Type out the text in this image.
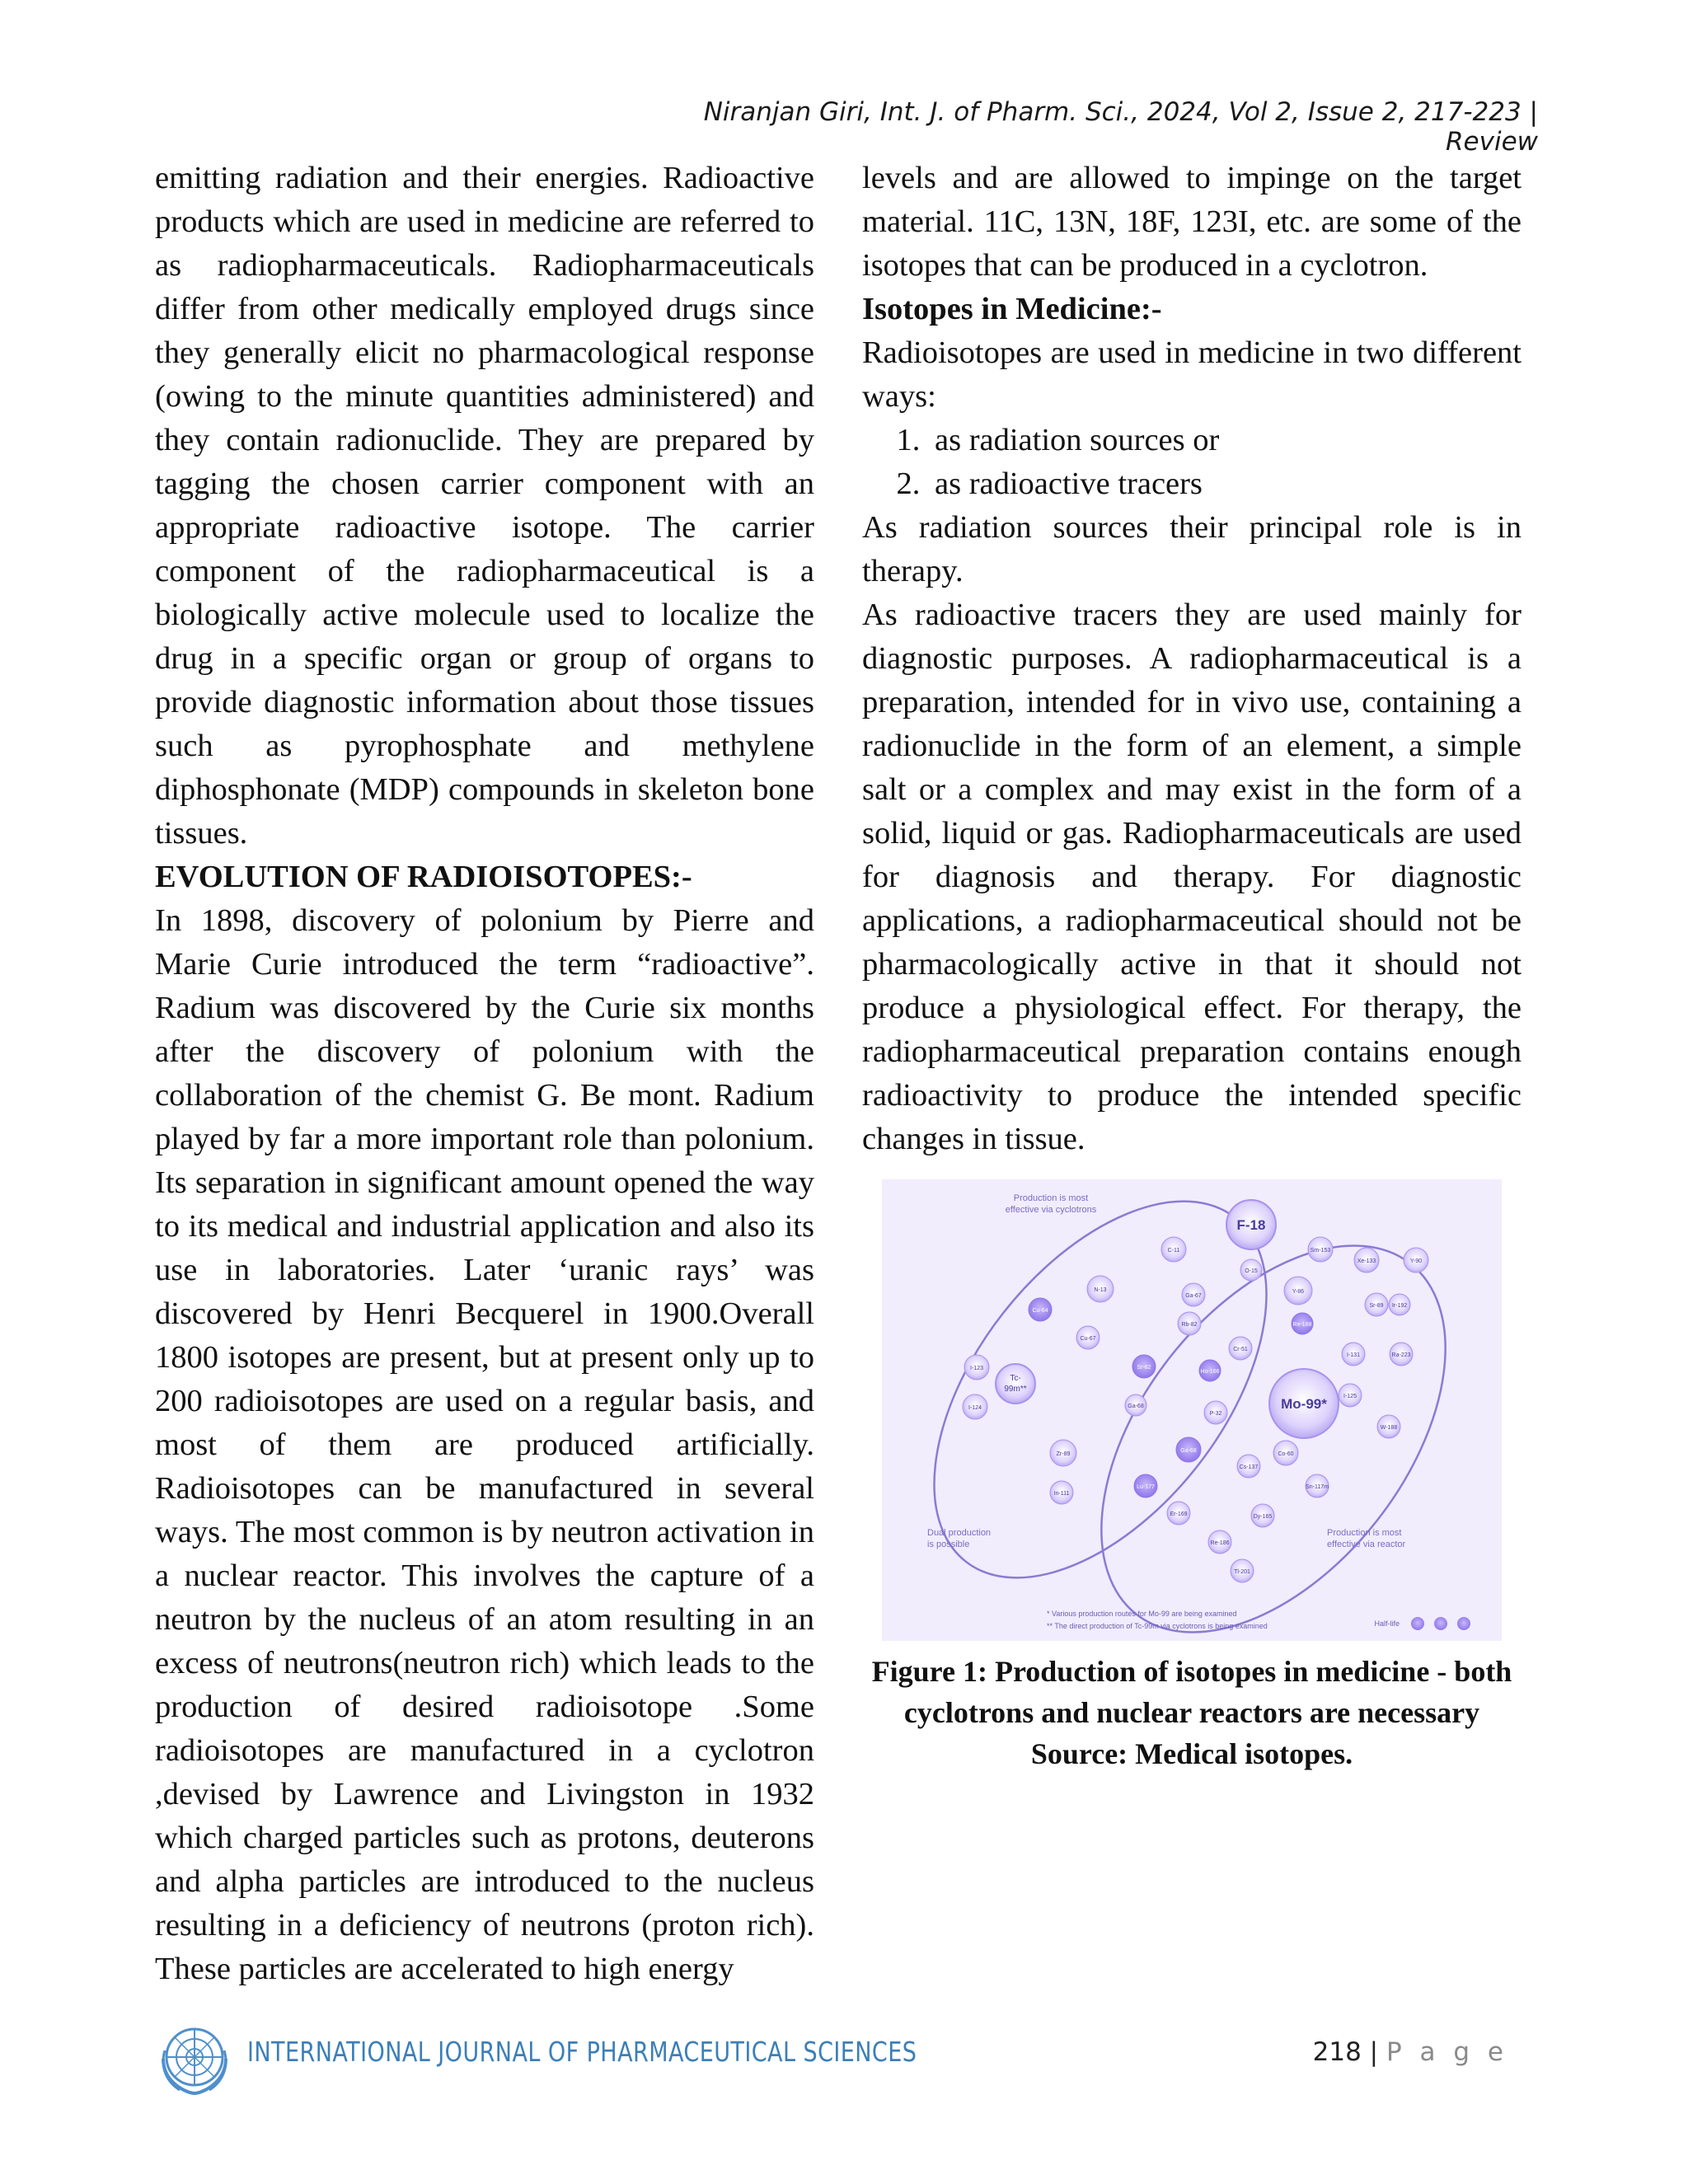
Niranjan Giri, Int. J. of Pharm. Sci., 2024, Vol 2, Issue 2, 217-223 | Review

emitting radiation and their energies. Radioactive products which are used in medicine are referred to as radiopharmaceuticals. Radiopharmaceuticals differ from other medically employed drugs since they generally elicit no pharmacological response (owing to the minute quantities administered) and they contain radionuclide. They are prepared by tagging the chosen carrier component with an appropriate radioactive isotope. The carrier component of the radiopharmaceutical is a biologically active molecule used to localize the drug in a specific organ or group of organs to provide diagnostic information about those tissues such as pyrophosphate and methylene diphosphonate (MDP) compounds in skeleton bone tissues.

EVOLUTION OF RADIOISOTOPES:-

In 1898, discovery of polonium by Pierre and Marie Curie introduced the term “radioactive”. Radium was discovered by the Curie six months after the discovery of polonium with the collaboration of the chemist G. Be mont. Radium played by far a more important role than polonium. Its separation in significant amount opened the way to its medical and industrial application and also its use in laboratories. Later ‘uranic rays’ was discovered by Henri Becquerel in 1900.Overall 1800 isotopes are present, but at present only up to 200 radioisotopes are used on a regular basis, and most of them are produced artificially. Radioisotopes can be manufactured in several ways. The most common is by neutron activation in a nuclear reactor. This involves the capture of a neutron by the nucleus of an atom resulting in an excess of neutrons(neutron rich) which leads to the production of desired radioisotope .Some radioisotopes are manufactured in a cyclotron ,devised by Lawrence and Livingston in 1932 which charged particles such as protons, deuterons and alpha particles are introduced to the nucleus resulting in a deficiency of neutrons (proton rich). These particles are accelerated to high energy

levels and are allowed to impinge on the target material. 11C, 13N, 18F, 123I, etc. are some of the isotopes that can be produced in a cyclotron.

Isotopes in Medicine:-

Radioisotopes are used in medicine in two different ways:

1. as radiation sources or
2. as radioactive tracers

As radiation sources their principal role is in therapy.

As radioactive tracers they are used mainly for diagnostic purposes. A radiopharmaceutical is a preparation, intended for in vivo use, containing a radionuclide in the form of an element, a simple salt or a complex and may exist in the form of a solid, liquid or gas. Radiopharmaceuticals are used for diagnosis and therapy. For diagnostic applications, a radiopharmaceutical should not be pharmacologically active in that it should not produce a physiological effect. For therapy, the radiopharmaceutical preparation contains enough radioactivity to produce the intended specific changes in tissue.

Production is most
effective via cyclotrons
Dual production
is possible
Production is most
effective via reactor
F-18
Mo-99*
Tc-
99m**
C-11
O-15
N-13
Cu-64
Cu-67
Ga-67
Rb-82
I-123
I-124
Sr-82
Ga-68
In-111
Zr-89
Y-86
Sm-153
Re-188
P-32
Cr-51
Ho-166
Ga-68
Lu-177
I-125
I-131
Sr-89
Xe-133	Y-90
Ir-192
Ra-223
W-188
Co-60
Cs-137
Sn-117m
Er-169	Dy-165
Re-186
Tl-201
* Various production routes for Mo-99 are being examined
** The direct production of Tc-99m via cyclotrons is being examined	Half-life
Figure 1: Production of isotopes in medicine - both
cyclotrons and nuclear reactors are necessary
Source: Medical isotopes.
INTERNATIONAL JOURNAL OF PHARMACEUTICAL SCIENCES	218 | P a g e
